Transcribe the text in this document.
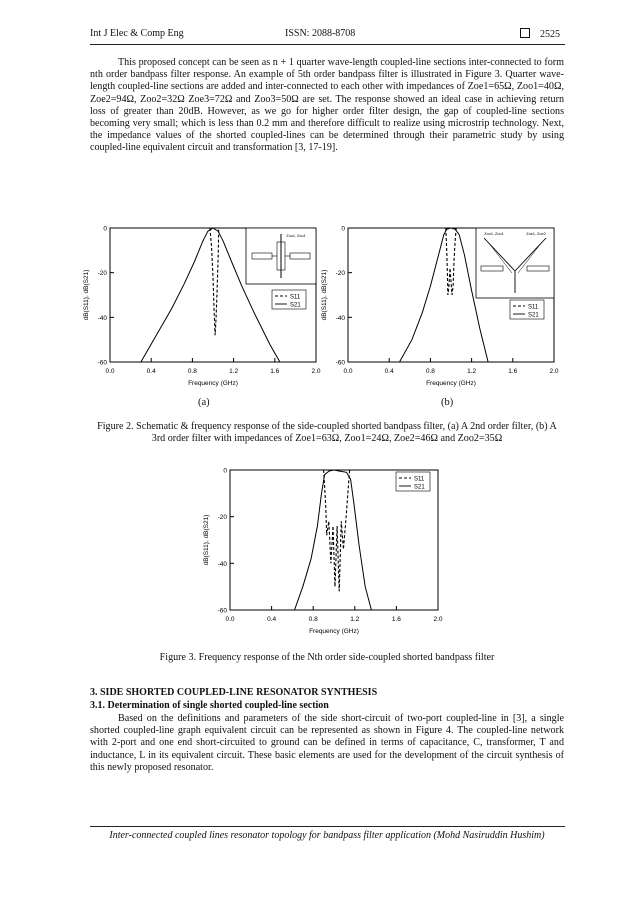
Int J Elec & Comp Eng	ISSN: 2088-8708	2525

This proposed concept can be seen as n + 1 quarter wave-length coupled-line sections inter-connected to form nth order bandpass filter response. An example of 5th order bandpass filter is illustrated in Figure 3. Quarter wave-length coupled-line sections are added and inter-connected to each other with impedances of Zoe1=65Ω, Zoo1=40Ω, Zoe2=94Ω, Zoo2=32Ω Zoe3=72Ω and Zoo3=50Ω are set. The response showed an ideal case in achieving return loss of greater than 20dB. However, as we go for higher order filter design, the gap of coupled-line sections becoming very small; which is less than 0.2 mm and therefore difficult to realize using microstrip technology. Next, the impedance values of the shorted coupled-lines can be determined through their parametric study by using coupled-line equivalent circuit and transformation [3, 17-19].

0.0	0.4	0.8	1.2	1.6	2.0
0
-20
-40
-60
Frequency (GHz)
dB(S11), dB(S21)	S11
S21
Zoo1, Zoo1
0.0	0.4	0.8	1.2	1.6	2.0
0
-20
-40
-60
Frequency (GHz)
dB(S11), dB(S21)	S11
S21
Zoo1, Zoo1	Zoe1, Zoe2
(a)	(b)

Figure 2. Schematic & frequency response of the side-coupled shorted bandpass filter, (a) A 2nd order filter, (b) A 3rd order filter with impedances of Zoe1=63Ω, Zoo1=24Ω, Zoe2=46Ω and Zoo2=35Ω

0.0	0.4	0.8	1.2	1.6	2.0
0
-20
-40
-60
Frequency (GHz)
dB(S11), dB(S21)
S11
S21

Figure 3. Frequency response of the Nth order side-coupled shorted bandpass filter

3. SIDE SHORTED COUPLED-LINE RESONATOR SYNTHESIS

3.1. Determination of single shorted coupled-line section

Based on the definitions and parameters of the side short-circuit of two-port coupled-line in [3], a single shorted coupled-line graph equivalent circuit can be represented as shown in Figure 4. The coupled-line network with 2-port and one end short-circuited to ground can be defined in terms of capacitance, C, transformer, T and inductance, L in its equivalent circuit. These basic elements are used for the development of the circuit synthesis of this newly proposed resonator.

Inter-connected coupled lines resonator topology for bandpass filter application (Mohd Nasiruddin Hushim)
